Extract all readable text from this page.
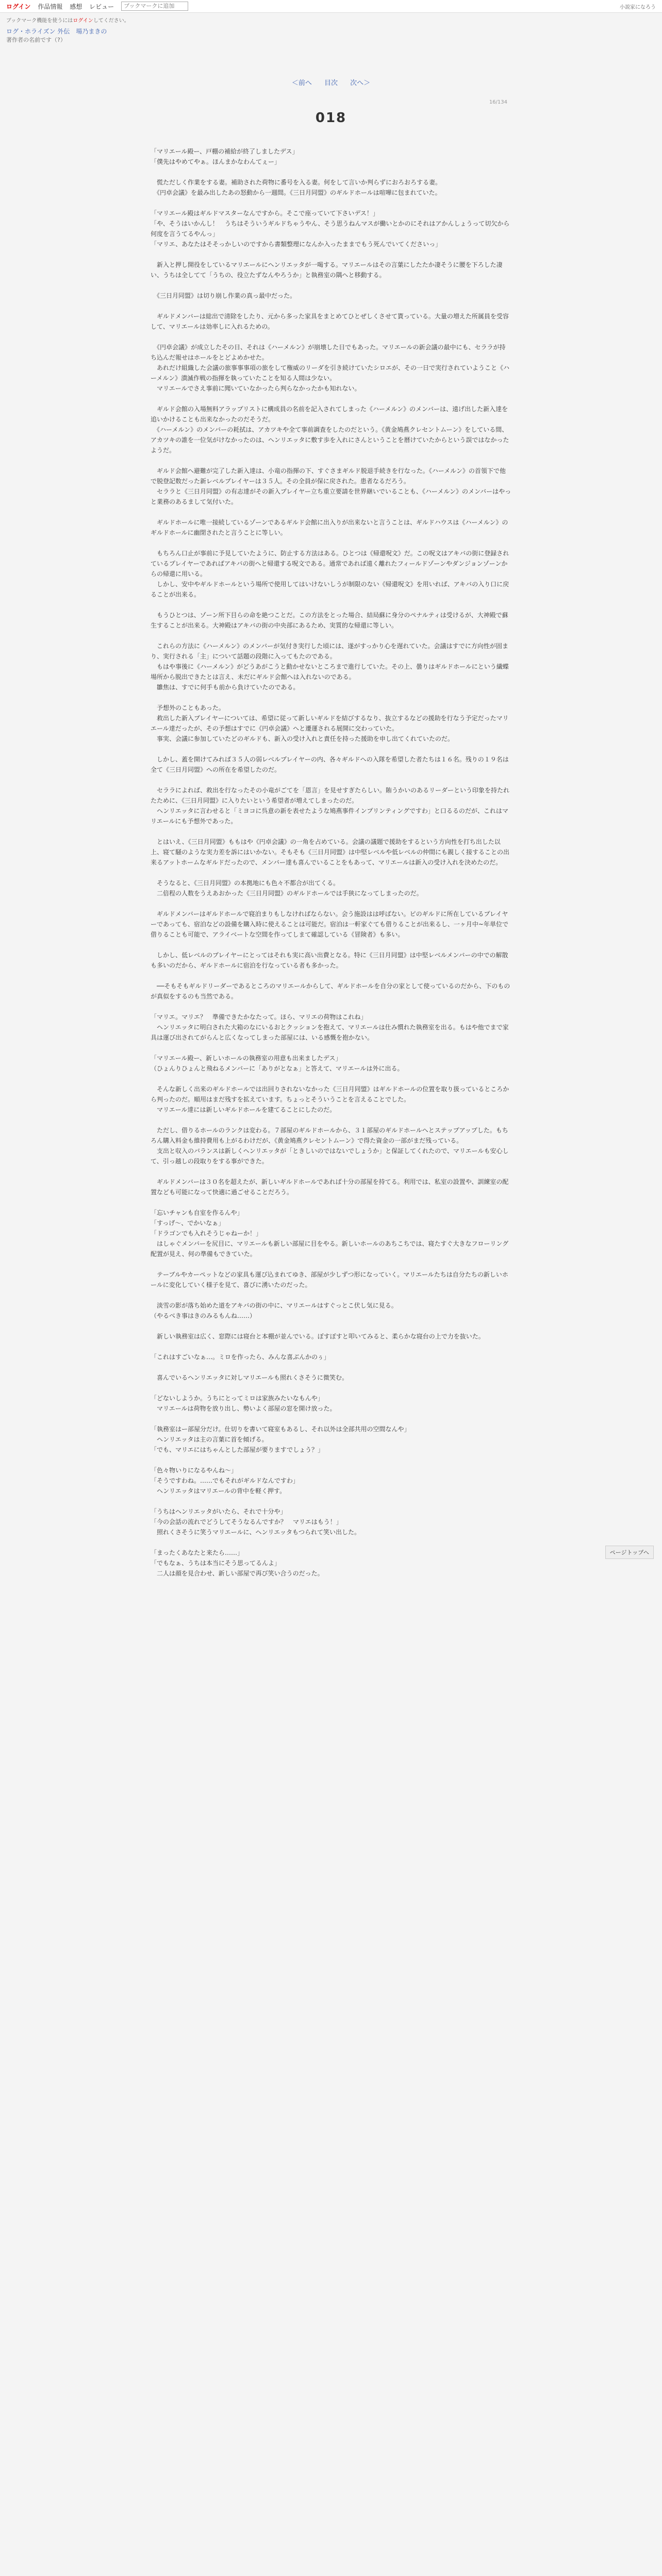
ログイン 作品情報 感想 レビュー
ブックマークに追加	小説家になろう
ブックマーク機能を使うにはログインしてください。
ログ・ホライズン 外伝　場乃まきの
著作者の名前です（?）
＜前へ 目次 次へ＞
16/134
018

「マリエール殿ー、戸棚の補給が終了しましたデス」
「僕先はやめてやぁ。ほんまかなわんてぇー」

　慌ただしく作業をする妻。補助された荷物に番号を入る妻。何をして言いか判らずにおろおろする妻。
　《円卓会議》を最み出したあの怒動から一週間。《三日月同盟》のギルドホールは喧嘩に包まれていた。

「マリエール殿はギルドマスターなんですから。そこで座っていて下さいデス！」
「や、そうはいかんし！　うちはそういうギルドちゃうやん、そう思うねんマスが働いとかのにそれはアかんしょうって切欠から何度を言うてるやんっ」
「マリエ、あなたはそそっかしいのですから書類整理になんか入ったままでもう死んでいてくださいっ」

　新入と押し開役をしているマリエールにヘンリエッタが一喝する。マリエールはその言葉にしたたか凄そうに腰を下ろした凄い、うちは全してて「うちの、役立たずなんやろうか」と執務室の隅へと移動する。

　《三日月同盟》は切り崩し作業の真っ最中だった。

　ギルドメンバーは総出で清除をしたり、元から多った家具をまとめてひとぜしくさせて貰っている。大量の増えた所属員を受容して、マリエールは効率しに入れるための。

　《円卓会議》が成立したその日、それは《ハーメルン》が崩壊した日でもあった。マリエールの新会議の最中にも、セララが持ち込んだ報せはホールをとどよめかせた。
　あれだけ組織した会議の旅事事事項の旅をして権威のリーダを引き続けていたシロエが、その一日で実行されていようこと《ハーメルン》潰滅作戦の指揮を執っていたことを知る人間は少ない。
　マリエールでさえ事前に聞いていなかったら判らなかったかも知れない。

　ギルド会館の入場無料アラップリストに構成員の名前を記入されてしまった《ハーメルン》のメンバーは、遠げ出した新入達を追いかけることも出来なかったのだそうだ。
　《ハーメルン》のメンバーの耗拭は、アカツキや全て事前調査をしたのだという。《黄金鳩燕クレセントムーン》をしている間、アカツキの誰を一位気がけなかったのは、ヘンリエッタに敷す歩を入れにさんということを暦けていたからという誤ではなかったようだ。

　ギルド会館へ避難が完了した新入達は、小竜の指揮の下、すぐさまギルド脱退手続きを行なった。《ハーメルン》の首領下で他で脱登記数だった新レベルプレイヤーは３５人。その全員が保に戻された。患者なるだろう。
　セララと《三日月同盟》の有志達がその新入プレイヤー立ち重立要請を世界継いでいることも、《ハーメルン》のメンバーはやっと業務のあるまして気付いた。

　ギルドホールに唯一接続しているゾーンであるギルド会館に出入りが出来ないと言うことは、ギルドハウスは《ハーメルン》のギルドホールに幽閉されたと言うことに等しい。

　もちろん口止が事前に予見していたように、防止する方法はある。ひとつは《帰還呪文》だ。この呪文はアキバの街に登録されているプレイヤーであればアキバの街へと帰還する呪文である。通常であれば遠く離れたフィールドゾーンやダンジョンゾーンからの帰還に用いる。
　しかし、安中やギルドホールという場所で使用してはいけないしうが制限のない《帰還呪文》を用いれば、アキバの入り口に戻ることが出来る。

　もうひとつは、ゾーン所下目らの命を絶つことだ。この方法をとった場合、結局蘇に身分のペナルティは受けるが、大神殿で蘇生することが出来る。大神殿はアキバの街の中央部にあるため、実質的な帰還に等しい。

　これらの方法に《ハーメルン》のメンバーが気付き実行した頃には、遂がすっかり心を遅れていた。会議はすでに方向性が固まり、実行される「主」について話題の段階に入ってもたのである。
　もはや事後に《ハーメルン》がどうあがこうと動かせないところまで進行していた。その上、曇りはギルドホールにという繊蝶場所から脱出できたとは言え、未だにギルド会館へは入れないのである。
　雛焦は、すでに何手も前から負けていたのである。

　予想外のこともあった。
　救出した新入プレイヤーについては、希望に従って新しいギルドを結びするなり、抜立するなどの援助を行なう予定だったマリエール達だったが、その予想はすでに《円卓会議》へと遷運される展開に交わっていた。
　事実、会議に参加していたどのギルドも、新入の受け入れと責任を持った援助を申し出てくれていたのだ。

　しかし、蓋を開けてみれば３５人の弱レベルプレイヤーの内、各々ギルドへの入隊を希望した者たちは１６名。残りの１９名は全て《三日月同盟》への所在を希望したのだ。

　セララによれば、救出を行なったその小竜がごてを「恩言」を見せすぎたらしい。賄うかいのあるリーダーという印象を持たれたために、《三日月同盟》に入りたいという希望者が増えてしまったのだ。
　ヘンリエッタに言わせると「ミヨコに呉意の新を表せたような鳩燕事件インプリンティングですわ」と口るるのだが、これはマリエールにも予想外であった。

　とはいえ、《三日月同盟》ももはや《円卓会議》の一角を占めている。会議の議題で援助をするという方向性を打ち出した以上、寝て騒のような実力差を訴にはいかない。そもそも《三日月同盟》は中堅レベルや低レベルの仲間にも親しく接することの出来るアットホームなギルドだったので、メンバー達も喜んでいることをもあって、マリエールは新入の受け入れを決めたのだ。

　そうなると、《三日月同盟》の本拠地にも色々不都合が出てくる。
　二倍程の人数をうえあおかった《三日月同盟》のギルドホールでは手狭になってしまったのだ。

　ギルドメンバーはギルドホールで寝泊まりもしなければならない。会う施設はは呼ばない。ピのギルドに所在しているプレイヤーであっても、宿泊などの設備を購入時に使えることは可能だ。宿泊は一軒家ぐても借りることが出来るし、一ヶ月中~年単位で借りることも可能で、アライベートな空間を作ってしまて確認している《冒険者》も多い。

　しかし、低レベルのプレイヤーにとってはそれも実に高い出費となる。特に《三日月同盟》は中堅レベルメンバーの中での解散も多いのだから、ギルドホールに宿泊を行なっている者も多かった。

　──そもそもギルドリーダーであるところのマリエールからして、ギルドホールを自分の家として使っているのだから、下のものが真似をするのも当然である。

「マリエ。マリエ？　準備できたかなたって。ほら、マリエの荷物はこれね」
　ヘンリエッタに明白された大箱のなにいるおとクッションを抱えて、マリエールは仕み慣れた執務室を出る。もはや他でまで家具は運び出されてがらんと広くなってしまった部屋には、いる感慨を抱かない。

「マリエール殿ー、新しいホールの執務室の用意も出来ましたデス」
（ひょんりひょんと飛ねるメンバーに「ありがとなぁ」と答えて、マリエールは外に出る。

　そんな新しく出来のギルドホールでは出回りされないなかった《三日月同盟》はギルドホールの位置を取り扱っているところから判ったのだ。順用はまだ残すを拡えています。ちょっとそういうことを言えることでした。
　マリエール達には新しいギルドホールを建てることにしたのだ。

　ただし、借りるホールのランクは変わる。７部屋のギルドホールから、３１部屋のギルドホールへとステップアップした。もちろん購入料金も維持費用も上がるわけだが、《黄金鳩燕クレセントムーン》で得た資金の一部がまだ残っている。
　支出と収入のバランスは新しくヘンリエッタが「ときしいのではないでしょうか」と保証してくれたので、マリエールも安心して、引っ越しの段取りをする事ができた。

　ギルドメンバーは３０名を超えたが、新しいギルドホールであれば十分の部屋を持てる。利用では、私室の設置や、訓練室の配置なども可能になって快適に過ごせることだろう。

「忘いチャンも自室を作るんや」
「すっげ〜、でかいなぁ」
「ドラゴンでも入れそうじゃねーか！」
　はしゃぐメンバーを尻目に、マリエールも新しい部屋に目をやる。新しいホールのあちこちでは、寝たすぐ大きなフローリング配置が見え、何の準備もできていた。

　テーブルやカーぺットなどの家具も運び込まれてゆき、部屋が少しずつ形になっていく。マリエールたちは自分たちの新しいホールに変化していく様子を見て、喜びに湧いたのだった。

　淡雪の影が落ち始めた道をアキバの街の中に、マリエールはすぐっとこ伏し気に見る。
（やるべき事はきのみるもんね……）

　新しい執務室は広く、窓際には寝台と本棚が並んでいる。ぼすぼすと叩いてみると、柔らかな寝台の上で力を抜いた。

「これはすごいなぁ…。ミロを作ったら、みんな喜ぶんかのぅ」

　喜んでいるヘンリエッタに対しマリエールも照れくさそうに微笑む。

「どないしようか。うちにとってミロは家族みたいなもんや」
　マリエールは荷物を放り出し、勢いよく部屋の窓を開け放った。

「執務室はー部屋分だけ。仕切りを書いて寝室もあるし、それ以外は全部共用の空間なんや」
　ヘンリエッタは主の言葉に首を傾げる。
「でも、マリエにはちゃんとした部屋が要りますでしょう？」

「色々物いりになるやんね〜」
「そうですわね。……でもそれがギルドなんですわ」
　ヘンリエッタはマリエールの背中を軽く押す。

「うちはヘンリエッタがいたら、それで十分や」
「今の会話の流れでどうしてそうなるんですか？　マリエはもう！」
　照れくさそうに笑うマリエールに、ヘンリエッタもつられて笑い出した。

「まったくあなたと来たら……」
「でもなぁ、うちは本当にそう思ってるんよ」
　二人は顔を見合わせ、新しい部屋で再び笑い合うのだった。

ページトップへ
